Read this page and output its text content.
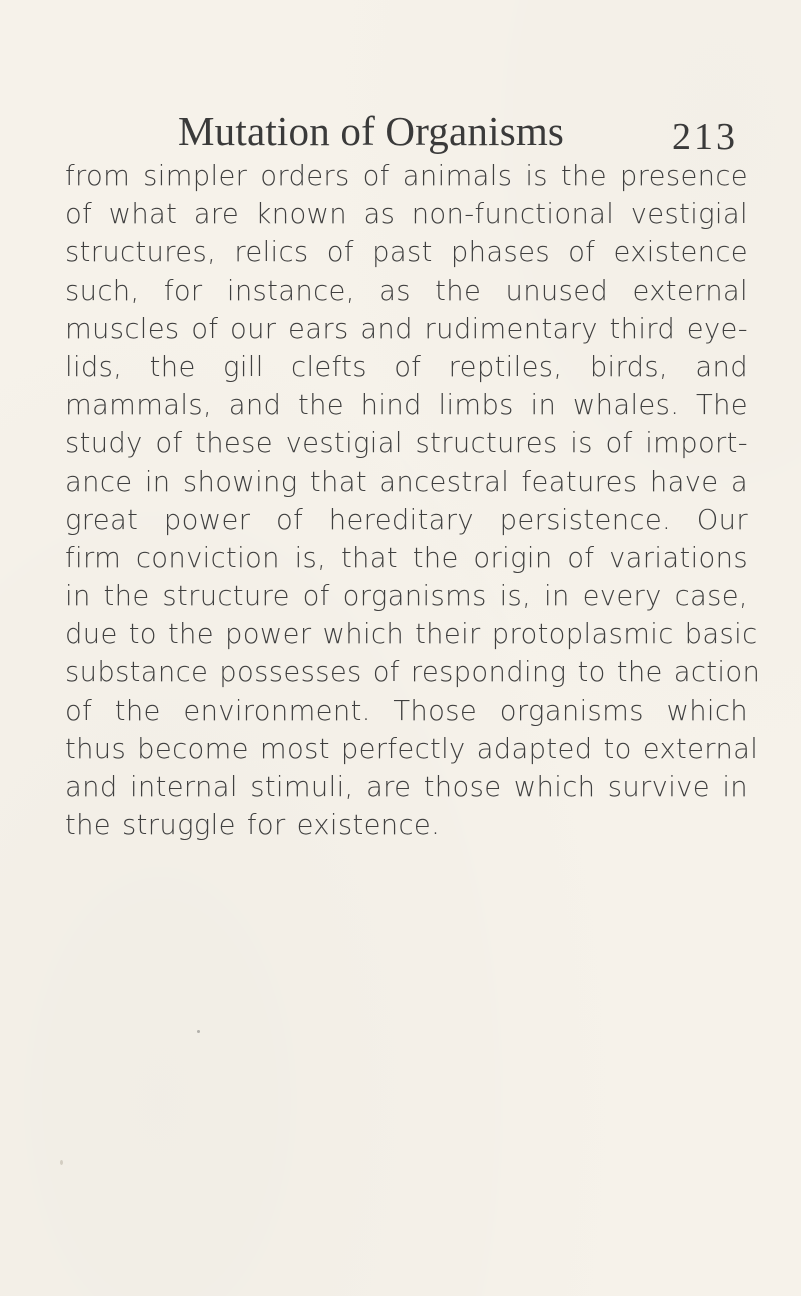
Mutation of Organisms	213
from simpler orders of animals is the presence
of what are known as non-functional vestigial
structures, relics of past phases of existence
such, for instance, as the unused external
muscles of our ears and rudimentary third eye-
lids, the gill clefts of reptiles, birds, and
mammals, and the hind limbs in whales. The
study of these vestigial structures is of import-
ance in showing that ancestral features have a
great power of hereditary persistence. Our
firm conviction is, that the origin of variations
in the structure of organisms is, in every case,
due to the power which their protoplasmic basic
substance possesses of responding to the action
of the environment. Those organisms which
thus become most perfectly adapted to external
and internal stimuli, are those which survive in
the struggle for existence.
